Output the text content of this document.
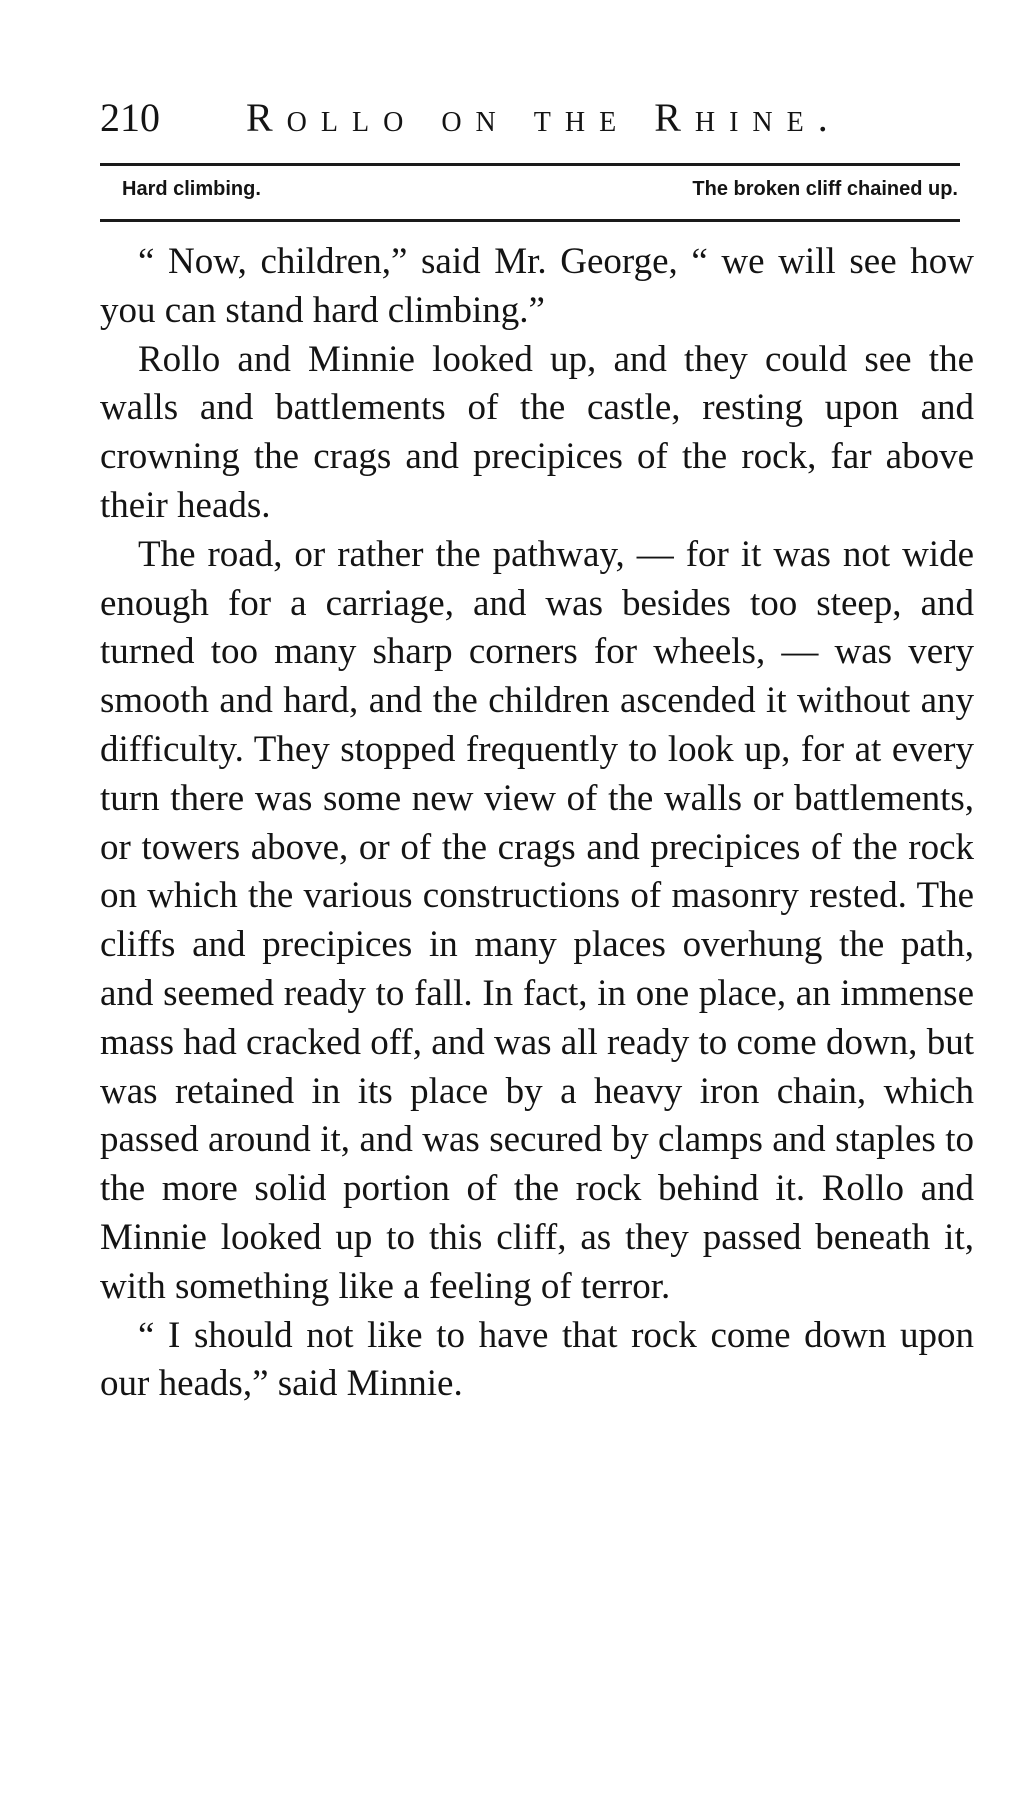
210 Rollo on the Rhine.
Hard climbing.	The broken cliff chained up.

“ Now, children,” said Mr. George, “ we will see how you can stand hard climbing.”

Rollo and Minnie looked up, and they could see the walls and battlements of the castle, resting upon and crowning the crags and precipices of the rock, far above their heads.

The road, or rather the pathway, — for it was not wide enough for a carriage, and was besides too steep, and turned too many sharp corners for wheels, — was very smooth and hard, and the children ascended it without any difficulty. They stopped frequently to look up, for at every turn there was some new view of the walls or battlements, or towers above, or of the crags and precipices of the rock on which the various constructions of masonry rested. The cliffs and precipices in many places overhung the path, and seemed ready to fall. In fact, in one place, an immense mass had cracked off, and was all ready to come down, but was retained in its place by a heavy iron chain, which passed around it, and was secured by clamps and staples to the more solid portion of the rock behind it. Rollo and Minnie looked up to this cliff, as they passed beneath it, with something like a feeling of terror.

“ I should not like to have that rock come down upon our heads,” said Minnie.
